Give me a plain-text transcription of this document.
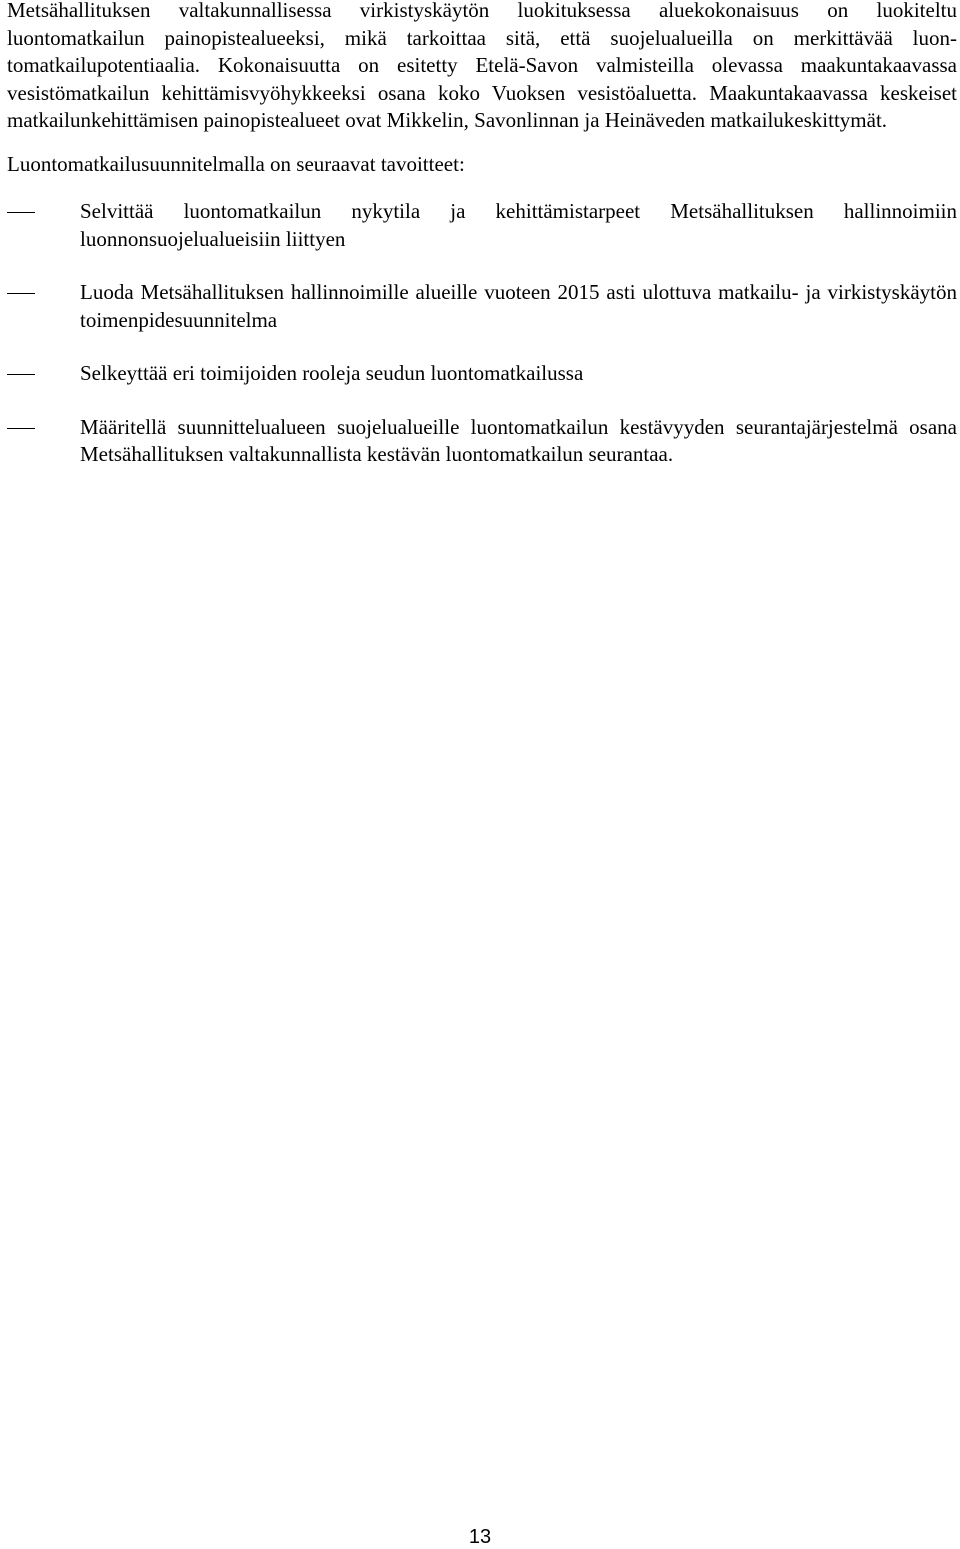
Metsähallituksen valtakunnallisessa virkistyskäytön luokituksessa aluekokonaisuus on luokiteltu luontomatkailun painopistealueeksi, mikä tarkoittaa sitä, että suojelualueilla on merkittävää luontomatkailupotentiaalia. Kokonaisuutta on esitetty Etelä-Savon valmisteilla olevassa maakuntakaavassa vesistömatkailun kehittämisvyöhykkeeksi osana koko Vuoksen vesistöaluetta. Maakuntakaavassa keskeiset matkailunkehittämisen painopistealueet ovat Mikkelin, Savonlinnan ja Heinäveden matkailukeskittymät.

Luontomatkailusuunnitelmalla on seuraavat tavoitteet:

Selvittää luontomatkailun nykytila ja kehittämistarpeet Metsähallituksen hallinnoimiin luonnonsuojelualueisiin liittyen
Luoda Metsähallituksen hallinnoimille alueille vuoteen 2015 asti ulottuva matkailu- ja virkistyskäytön toimenpidesuunnitelma
Selkeyttää eri toimijoiden rooleja seudun luontomatkailussa
Määritellä suunnittelualueen suojelualueille luontomatkailun kestävyyden seurantajärjestelmä osana Metsähallituksen valtakunnallista kestävän luontomatkailun seurantaa.
13
